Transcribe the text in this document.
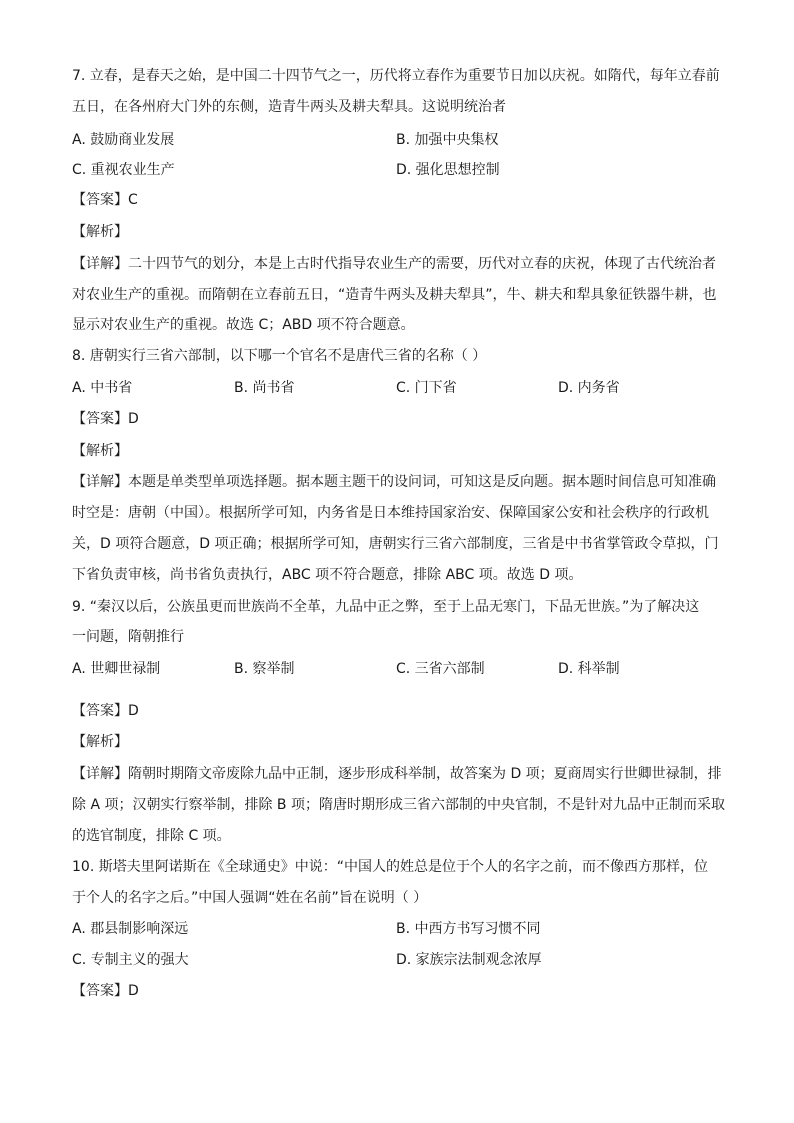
7. 立春，是春天之始，是中国二十四节气之一，历代将立春作为重要节日加以庆祝。如隋代，每年立春前
五日，在各州府大门外的东侧，造青牛两头及耕夫犁具。这说明统治者
A. 鼓励商业发展	B. 加强中央集权
C. 重视农业生产	D. 强化思想控制
【答案】C
【解析】
【详解】二十四节气的划分，本是上古时代指导农业生产的需要，历代对立春的庆祝，体现了古代统治者
对农业生产的重视。而隋朝在立春前五日，“造青牛两头及耕夫犁具”，牛、耕夫和犁具象征铁器牛耕，也
显示对农业生产的重视。故选 C；ABD 项不符合题意。
8. 唐朝实行三省六部制，以下哪一个官名不是唐代三省的名称（ ）
A. 中书省	B. 尚书省	C. 门下省	D. 内务省
【答案】D
【解析】
【详解】本题是单类型单项选择题。据本题主题干的设问词，可知这是反向题。据本题时间信息可知准确
时空是：唐朝（中国）。根据所学可知，内务省是日本维持国家治安、保障国家公安和社会秩序的行政机
关，D 项符合题意，D 项正确；根据所学可知，唐朝实行三省六部制度，三省是中书省掌管政令草拟，门
下省负责审核，尚书省负责执行，ABC 项不符合题意，排除 ABC 项。故选 D 项。
9. “秦汉以后，公族虽更而世族尚不全革，九品中正之弊，至于上品无寒门，下品无世族。”为了解决这
一问题，隋朝推行
A. 世卿世禄制	B. 察举制	C. 三省六部制	D. 科举制
【答案】D
【解析】
【详解】隋朝时期隋文帝废除九品中正制，逐步形成科举制，故答案为 D 项；夏商周实行世卿世禄制，排
除 A 项；汉朝实行察举制，排除 B 项；隋唐时期形成三省六部制的中央官制，不是针对九品中正制而采取
的选官制度，排除 C 项。
10. 斯塔夫里阿诺斯在《全球通史》中说：“中国人的姓总是位于个人的名字之前，而不像西方那样，位
于个人的名字之后。”中国人强调“姓在名前”旨在说明（ ）
A. 郡县制影响深远	B. 中西方书写习惯不同
C. 专制主义的强大	D. 家族宗法制观念浓厚
【答案】D
